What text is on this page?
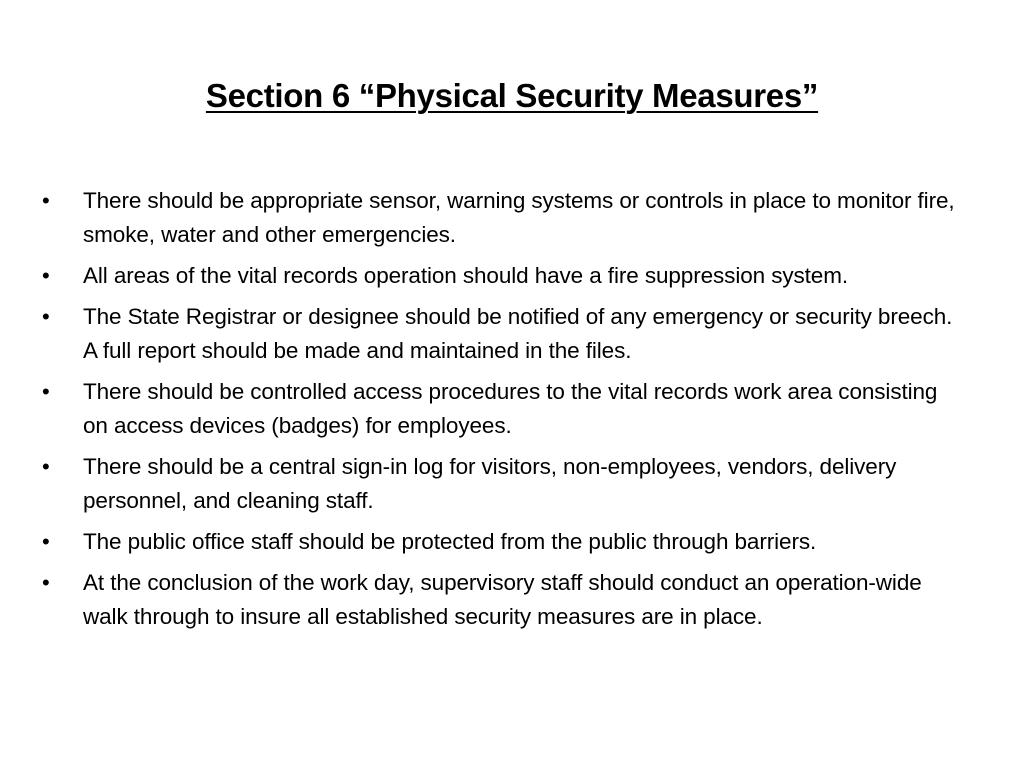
Section 6 “Physical Security Measures”
• There should be appropriate sensor, warning systems or controls in place to monitor fire, smoke, water and other emergencies.
• All areas of the vital records operation should have a fire suppression system.
• The State Registrar or designee should be notified of any emergency or security breech. A full report should be made and maintained in the files.
• There should be controlled access procedures to the vital records work area consisting on access devices (badges) for employees.
• There should be a central sign-in log for visitors, non-employees, vendors, delivery personnel, and cleaning staff.
• The public office staff should be protected from the public through barriers.
• At the conclusion of the work day, supervisory staff should conduct an operation-wide walk through to insure all established security measures are in place.
